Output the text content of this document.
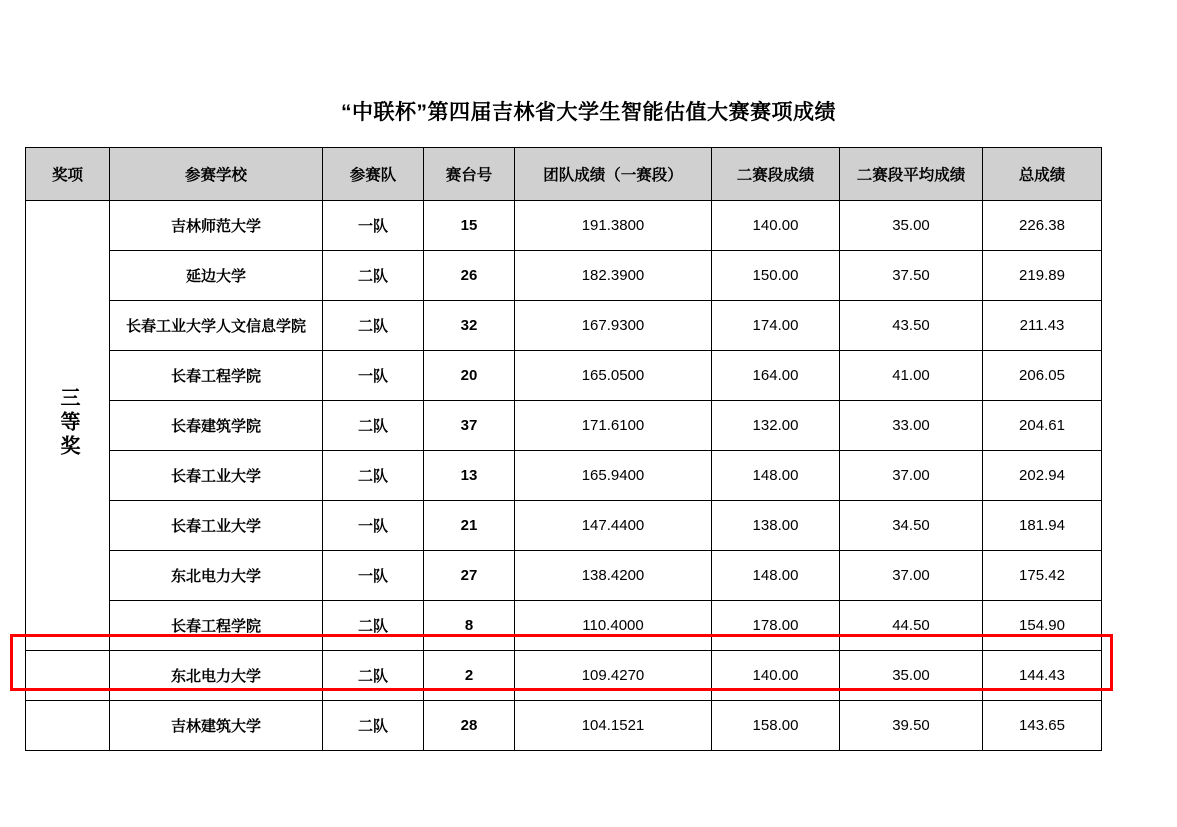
“中联杯”第四届吉林省大学生智能估值大赛赛项成绩
奖项	参赛学校	参赛队	赛台号	团队成绩（一赛段）	二赛段成绩	二赛段平均成绩	总成绩
三等奖	吉林师范大学	一队	15	191.3800	140.00	35.00	226.38
	延边大学	二队	26	182.3900	150.00	37.50	219.89
	长春工业大学人文信息学院	二队	32	167.9300	174.00	43.50	211.43
	长春工程学院	一队	20	165.0500	164.00	41.00	206.05
	长春建筑学院	二队	37	171.6100	132.00	33.00	204.61
	长春工业大学	二队	13	165.9400	148.00	37.00	202.94
	长春工业大学	一队	21	147.4400	138.00	34.50	181.94
	东北电力大学	一队	27	138.4200	148.00	37.00	175.42
	长春工程学院	二队	8	110.4000	178.00	44.50	154.90
	东北电力大学	二队	2	109.4270	140.00	35.00	144.43
	吉林建筑大学	二队	28	104.1521	158.00	39.50	143.65
